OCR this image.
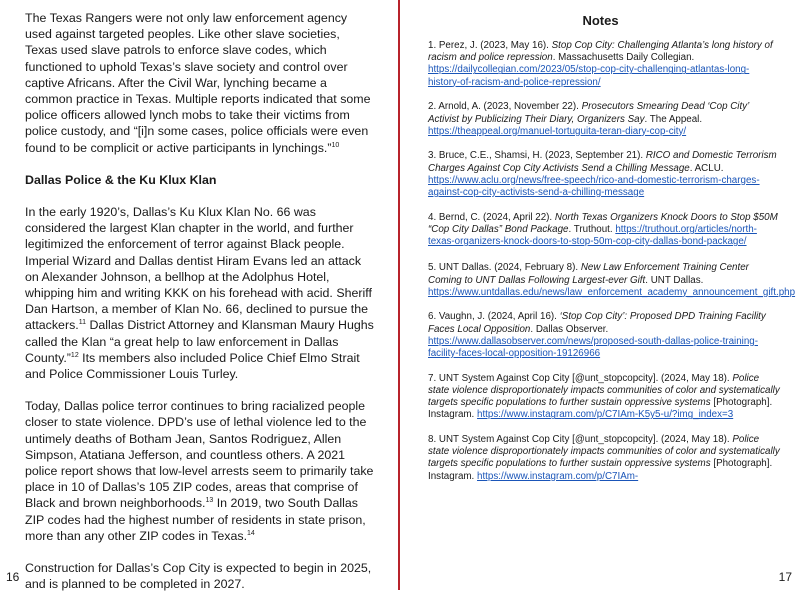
The Texas Rangers were not only law enforcement agency used against targeted peoples. Like other slave societies, Texas used slave patrols to enforce slave codes, which functioned to uphold Texas’s slave society and control over captive Africans. After the Civil War, lynching became a common practice in Texas. Multiple reports indicated that some police officers allowed lynch mobs to take their victims from police custody, and “[i]n some cases, police officials were even found to be complicit or active participants in lynchings.”$^{10}$

Dallas Police & the Ku Klux Klan

In the early 1920’s, Dallas’s Ku Klux Klan No. 66 was considered the largest Klan chapter in the world, and further legitimized the enforcement of terror against Black people. Imperial Wizard and Dallas dentist Hiram Evans led an attack on Alexander Johnson, a bellhop at the Adolphus Hotel, whipping him and writing KKK on his forehead with acid. Sheriff Dan Hartson, a member of Klan No. 66, declined to pursue the attackers.$^{11}$ Dallas District Attorney and Klansman Maury Hughs called the Klan “a great help to law enforcement in Dallas County.”$^{12}$ Its members also included Police Chief Elmo Strait and Police Commissioner Louis Turley.

Today, Dallas police terror continues to bring racialized people closer to state violence. DPD’s use of lethal violence led to the untimely deaths of Botham Jean, Santos Rodriguez, Allen Simpson, Atatiana Jefferson, and countless others. A 2021 police report shows that low-level arrests seem to primarily take place in 10 of Dallas’s 105 ZIP codes, areas that comprise of Black and brown neighborhoods.$^{13}$ In 2019, two South Dallas ZIP codes had the highest number of residents in state prison, more than any other ZIP codes in Texas.$^{14}$

Construction for Dallas’s Cop City is expected to begin in 2025, and is planned to be completed in 2027.

16
Notes

1. Perez, J. (2023, May 16). Stop Cop City: Challenging Atlanta’s long history of racism and police repression. Massachusetts Daily Collegian. https://dailycollegian.com/2023/05/stop-cop-city-challenging-atlantas-long-history-of-racism-and-police-repression/

2. Arnold, A. (2023, November 22). Prosecutors Smearing Dead ‘Cop City’ Activist by Publicizing Their Diary, Organizers Say. The Appeal. https://theappeal.org/manuel-tortuguita-teran-diary-cop-city/

3. Bruce, C.E., Shamsi, H. (2023, September 21). RICO and Domestic Terrorism Charges Against Cop City Activists Send a Chilling Message. ACLU. https://www.aclu.org/news/free-speech/rico-and-domestic-terrorism-charges-against-cop-city-activists-send-a-chilling-message

4. Bernd, C. (2024, April 22). North Texas Organizers Knock Doors to Stop $50M “Cop City Dallas” Bond Package. Truthout. https://truthout.org/articles/north-texas-organizers-knock-doors-to-stop-50m-cop-city-dallas-bond-package/

5. UNT Dallas. (2024, February 8). New Law Enforcement Training Center Coming to UNT Dallas Following Largest-ever Gift. UNT Dallas. https://www.untdallas.edu/news/law_enforcement_academy_announcement_gift.php

6. Vaughn, J. (2024, April 16). ‘Stop Cop City’: Proposed DPD Training Facility Faces Local Opposition. Dallas Observer. https://www.dallasobserver.com/news/proposed-south-dallas-police-training-facility-faces-local-opposition-19126966

7. UNT System Against Cop City [@unt_stopcopcity]. (2024, May 18). Police state violence disproportionately impacts communities of color and systematically targets specific populations to further sustain oppressive systems [Photograph]. Instagram. https://www.instagram.com/p/C7IAm-K5y5-u/?img_index=3

8. UNT System Against Cop City [@unt_stopcopcity]. (2024, May 18). Police state violence disproportionately impacts communities of color and systematically targets specific populations to further sustain oppressive systems [Photograph]. Instagram. https://www.instagram.com/p/C7IAm-

17
